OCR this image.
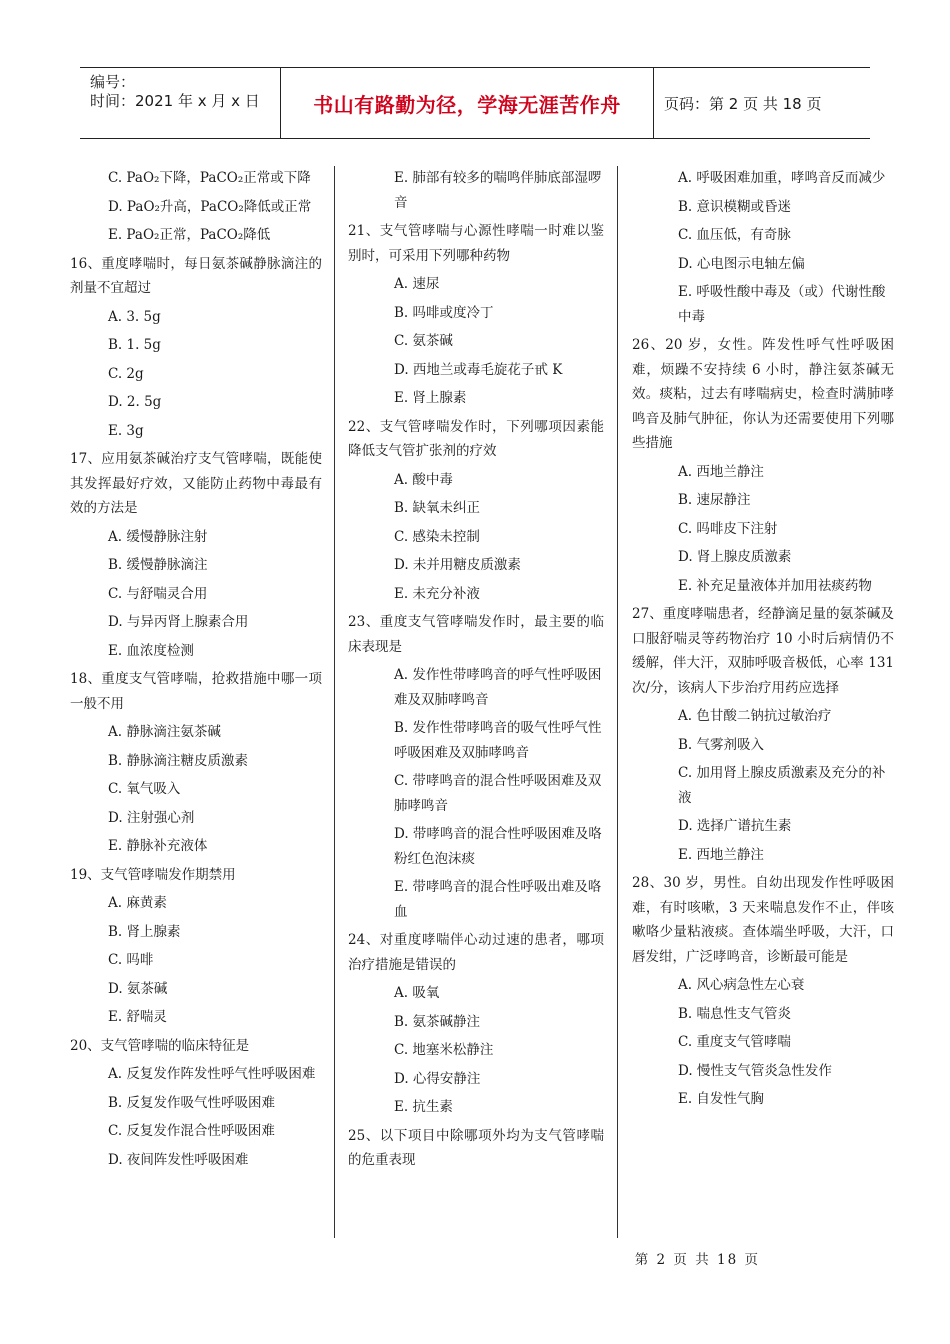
编号：
时间：2021 年 x 月 x 日	书山有路勤为径，学海无涯苦作舟	页码：第 2 页 共 18 页
C. PaO₂下降，PaCO₂正常或下降
D. PaO₂升高，PaCO₂降低或正常
E. PaO₂正常，PaCO₂降低
16、重度哮喘时，每日氨茶碱静脉滴注的剂量不宜超过
A. 3. 5g
B. 1. 5g
C. 2g
D. 2. 5g
E. 3g
17、应用氨茶碱治疗支气管哮喘，既能使其发挥最好疗效，又能防止药物中毒最有效的方法是
A. 缓慢静脉注射
B. 缓慢静脉滴注
C. 与舒喘灵合用
D. 与异丙肾上腺素合用
E. 血浓度检测
18、重度支气管哮喘，抢救措施中哪一项一般不用
A. 静脉滴注氨茶碱
B. 静脉滴注糖皮质激素
C. 氧气吸入
D. 注射强心剂
E. 静脉补充液体
19、支气管哮喘发作期禁用
A. 麻黄素
B. 肾上腺素
C. 吗啡
D. 氨茶碱
E. 舒喘灵
20、支气管哮喘的临床特征是
A. 反复发作阵发性呼气性呼吸困难
B. 反复发作吸气性呼吸困难
C. 反复发作混合性呼吸困难
D. 夜间阵发性呼吸困难
E. 肺部有较多的喘鸣伴肺底部湿啰音
21、支气管哮喘与心源性哮喘一时难以鉴别时，可采用下列哪种药物
A. 速尿
B. 吗啡或度冷丁
C. 氨茶碱
D. 西地兰或毒毛旋花子甙 K
E. 肾上腺素
22、支气管哮喘发作时，下列哪项因素能降低支气管扩张剂的疗效
A. 酸中毒
B. 缺氧未纠正
C. 感染未控制
D. 未并用糖皮质激素
E. 未充分补液
23、重度支气管哮喘发作时，最主要的临床表现是
A. 发作性带哮鸣音的呼气性呼吸困难及双肺哮鸣音
B. 发作性带哮鸣音的吸气性呼气性呼吸困难及双肺哮鸣音
C. 带哮鸣音的混合性呼吸困难及双肺哮鸣音
D. 带哮鸣音的混合性呼吸困难及咯粉红色泡沫痰
E. 带哮鸣音的混合性呼吸出难及咯血
24、对重度哮喘伴心动过速的患者，哪项治疗措施是错误的
A. 吸氧
B. 氨茶碱静注
C. 地塞米松静注
D. 心得安静注
E. 抗生素
25、以下项目中除哪项外均为支气管哮喘的危重表现
A. 呼吸困难加重，哮鸣音反而减少
B. 意识模糊或昏迷
C. 血压低，有奇脉
D. 心电图示电轴左偏
E. 呼吸性酸中毒及（或）代谢性酸中毒
26、20 岁，女性。阵发性呼气性呼吸困难，烦躁不安持续 6 小时，静注氨茶碱无效。痰粘，过去有哮喘病史，检查时满肺哮鸣音及肺气肿征，你认为还需要使用下列哪些措施
A. 西地兰静注
B. 速尿静注
C. 吗啡皮下注射
D. 肾上腺皮质激素
E. 补充足量液体并加用祛痰药物
27、重度哮喘患者，经静滴足量的氨茶碱及口服舒喘灵等药物治疗 10 小时后病情仍不缓解，伴大汗，双肺呼吸音极低，心率 131 次/分，该病人下步治疗用药应选择
A. 色甘酸二钠抗过敏治疗
B. 气雾剂吸入
C. 加用肾上腺皮质激素及充分的补液
D. 选择广谱抗生素
E. 西地兰静注
28、30 岁，男性。自幼出现发作性呼吸困难，有时咳嗽，3 天来喘息发作不止，伴咳嗽咯少量粘液痰。查体端坐呼吸，大汗，口唇发绀，广泛哮鸣音，诊断最可能是
A. 风心病急性左心衰
B. 喘息性支气管炎
C. 重度支气管哮喘
D. 慢性支气管炎急性发作
E. 自发性气胸
第 2 页 共 18 页
